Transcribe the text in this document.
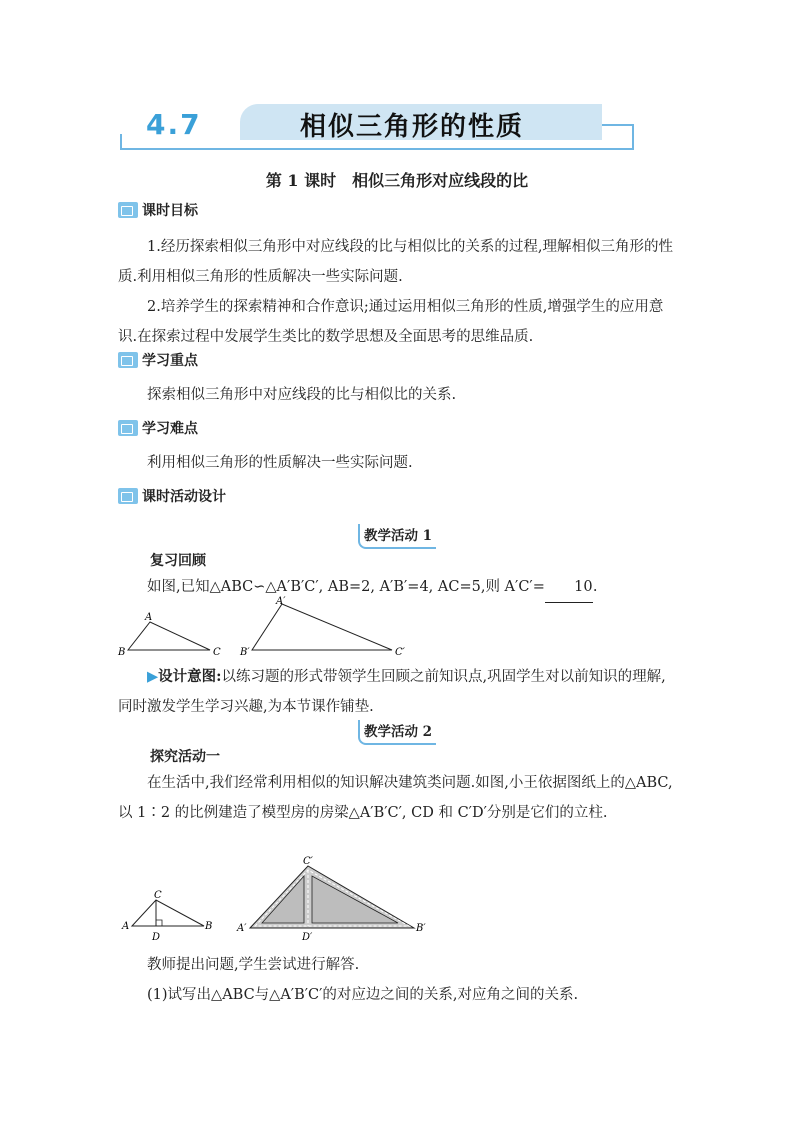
4.7	相似三角形的性质
第 1 课时　相似三角形对应线段的比
课时目标

1.经历探索相似三角形中对应线段的比与相似比的关系的过程,理解相似三角形的性质.利用相似三角形的性质解决一些实际问题.

2.培养学生的探索精神和合作意识;通过运用相似三角形的性质,增强学生的应用意识.在探索过程中发展学生类比的数学思想及全面思考的思维品质.

学习重点

探索相似三角形中对应线段的比与相似比的关系.

学习难点

利用相似三角形的性质解决一些实际问题.

课时活动设计
教学活动 1
复习回顾

如图,已知△ABC∽△A′B′C′, AB=2, A′B′=4, AC=5,则 A′C′= 10.

A
B	C
A′
B′	C′

▶设计意图:以练习题的形式带领学生回顾之前知识点,巩固学生对以前知识的理解,同时激发学生学习兴趣,为本节课作铺垫.

教学活动 2
探究活动一

在生活中,我们经常利用相似的知识解决建筑类问题.如图,小王依据图纸上的△ABC,以 1∶2 的比例建造了模型房的房梁△A′B′C′, CD 和 C′D′分别是它们的立柱.

A
C
B
D
A′
C′
B′
D′

教师提出问题,学生尝试进行解答.

(1)试写出△ABC与△A′B′C′的对应边之间的关系,对应角之间的关系.
